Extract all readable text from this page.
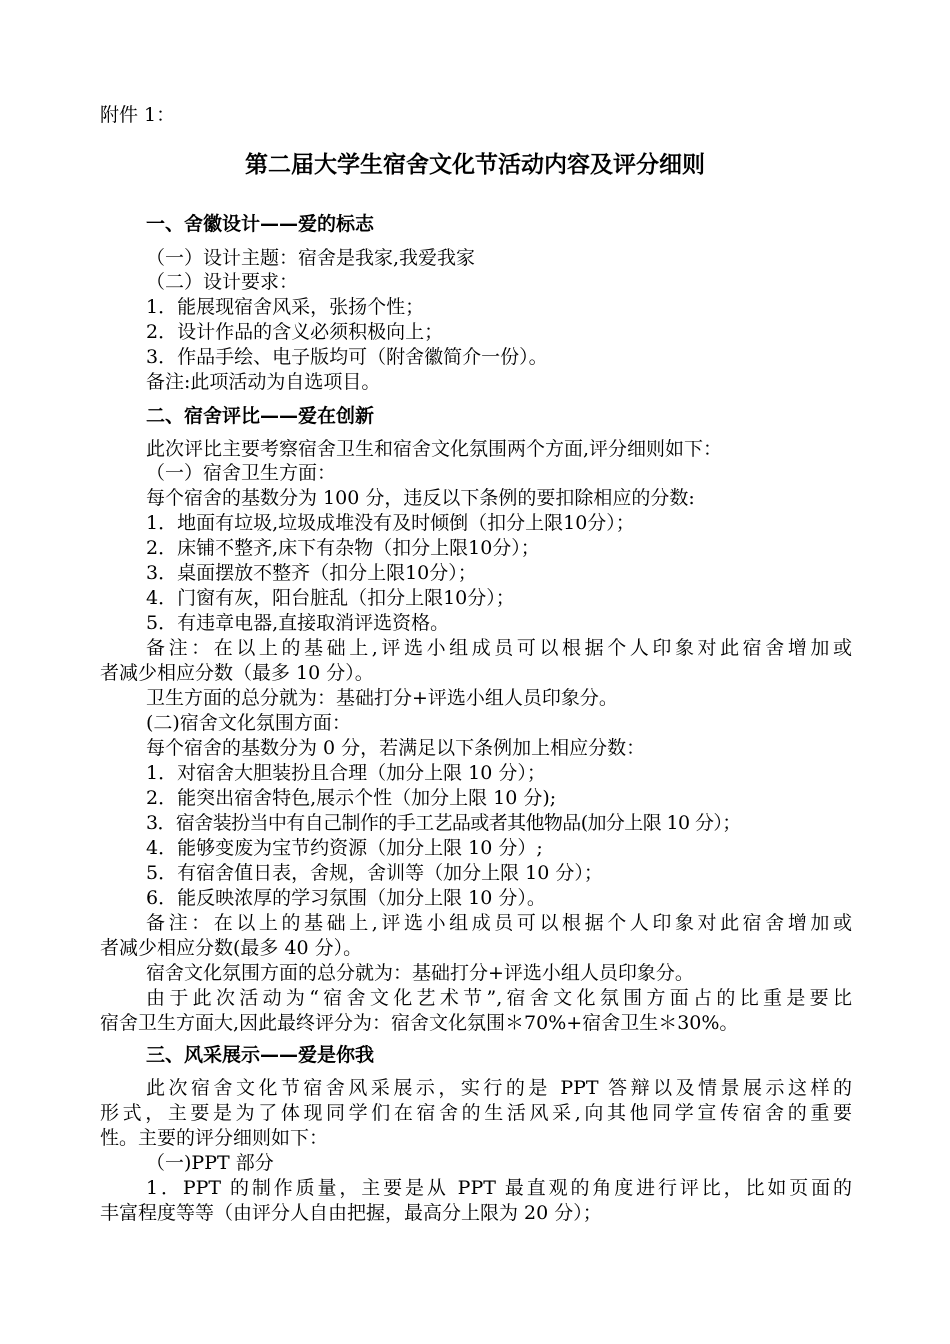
附件 1：
第二届大学生宿舍文化节活动内容及评分细则
一、舍徽设计——爱的标志
（一）设计主题：宿舍是我家,我爱我家
（二）设计要求：
1．能展现宿舍风采，张扬个性；
2．设计作品的含义必须积极向上；
3．作品手绘、电子版均可（附舍徽简介一份）。
备注:此项活动为自选项目。
二、宿舍评比——爱在创新
此次评比主要考察宿舍卫生和宿舍文化氛围两个方面,评分细则如下：
（一）宿舍卫生方面：
每个宿舍的基数分为 100 分，违反以下条例的要扣除相应的分数:
1．地面有垃圾,垃圾成堆没有及时倾倒（扣分上限10分）；
2．床铺不整齐,床下有杂物（扣分上限10分）；
3．桌面摆放不整齐（扣分上限10分）；
4．门窗有灰，阳台脏乱（扣分上限10分）；
5．有违章电器,直接取消评选资格。
备注：在以上的基础上,评选小组成员可以根据个人印象对此宿舍增加或
者减少相应分数（最多 10 分）。
卫生方面的总分就为：基础打分+评选小组人员印象分。
(二)宿舍文化氛围方面：
每个宿舍的基数分为 0 分，若满足以下条例加上相应分数：
1．对宿舍大胆装扮且合理（加分上限 10 分）；
2．能突出宿舍特色,展示个性（加分上限 10 分);
3．宿舍装扮当中有自己制作的手工艺品或者其他物品(加分上限 10 分）；
4．能够变废为宝节约资源（加分上限 10 分）;
5．有宿舍值日表，舍规，舍训等（加分上限 10 分）；
6．能反映浓厚的学习氛围（加分上限 10 分）。
备注：在以上的基础上,评选小组成员可以根据个人印象对此宿舍增加或
者减少相应分数(最多 40 分）。
宿舍文化氛围方面的总分就为：基础打分+评选小组人员印象分。
由于此次活动为“宿舍文化艺术节”,宿舍文化氛围方面占的比重是要比
宿舍卫生方面大,因此最终评分为：宿舍文化氛围＊70%+宿舍卫生＊30%。
三、风采展示——爱是你我
此次宿舍文化节宿舍风采展示，实行的是 PPT 答辩以及情景展示这样的
形式，主要是为了体现同学们在宿舍的生活风采,向其他同学宣传宿舍的重要
性。主要的评分细则如下：
（一)PPT 部分
1．PPT 的制作质量，主要是从 PPT 最直观的角度进行评比，比如页面的
丰富程度等等（由评分人自由把握，最高分上限为 20 分）；
